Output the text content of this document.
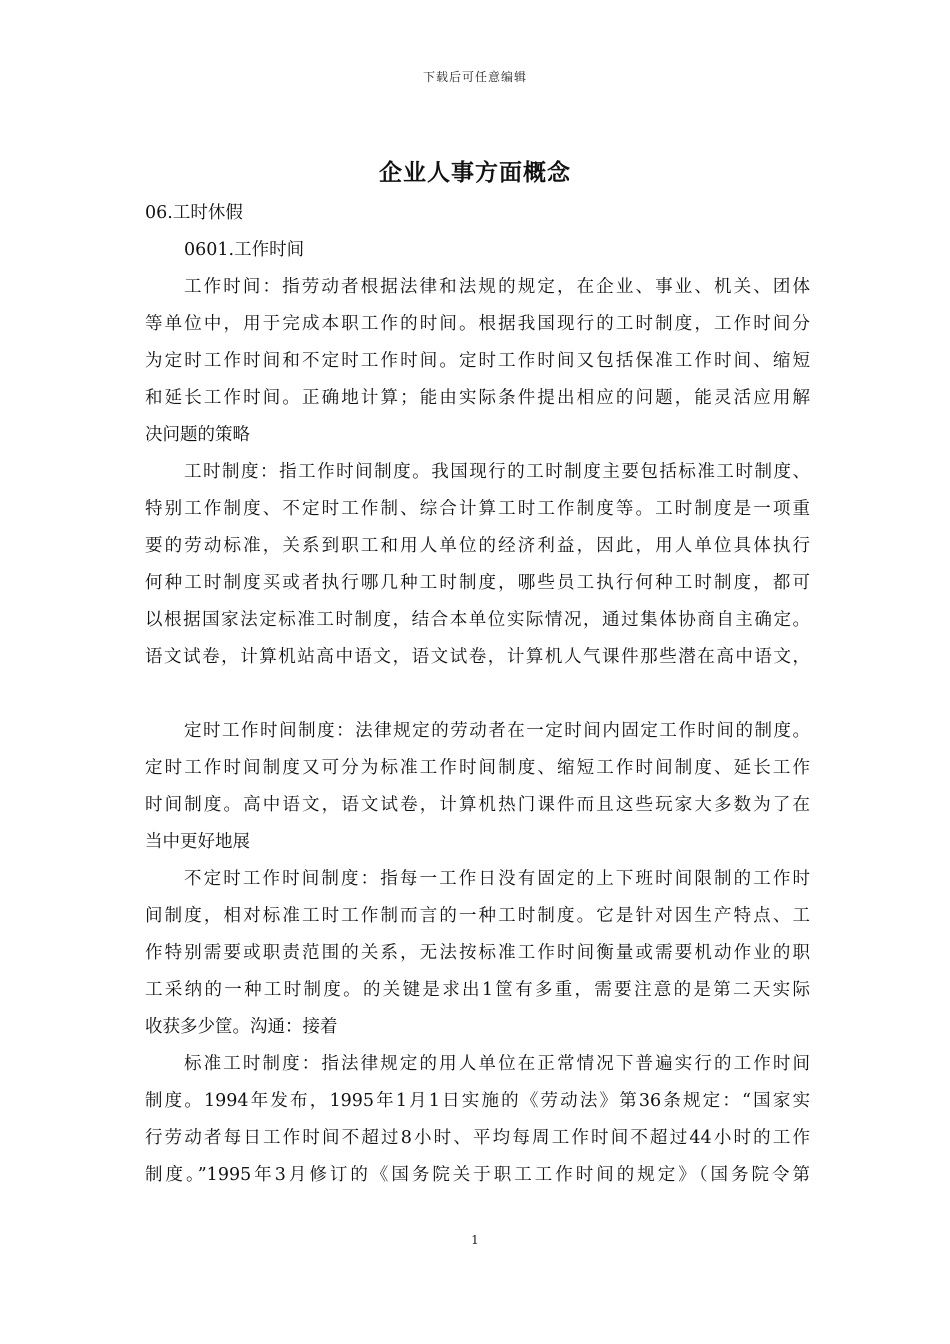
下载后可任意编辑
企业人事方面概念
06.工时休假
0601.工作时间
工作时间：指劳动者根据法律和法规的规定，在企业、事业、机关、团体
等单位中，用于完成本职工作的时间。根据我国现行的工时制度，工作时间分
为定时工作时间和不定时工作时间。定时工作时间又包括保准工作时间、缩短
和延长工作时间。正确地计算；能由实际条件提出相应的问题，能灵活应用解
决问题的策略
工时制度：指工作时间制度。我国现行的工时制度主要包括标准工时制度、
特别工作制度、不定时工作制、综合计算工时工作制度等。工时制度是一项重
要的劳动标准，关系到职工和用人单位的经济利益，因此，用人单位具体执行
何种工时制度买或者执行哪几种工时制度，哪些员工执行何种工时制度，都可
以根据国家法定标准工时制度，结合本单位实际情况，通过集体协商自主确定。
语文试卷，计算机站高中语文，语文试卷，计算机人气课件那些潜在高中语文，
定时工作时间制度：法律规定的劳动者在一定时间内固定工作时间的制度。
定时工作时间制度又可分为标准工作时间制度、缩短工作时间制度、延长工作
时间制度。高中语文，语文试卷，计算机热门课件而且这些玩家大多数为了在
当中更好地展
不定时工作时间制度：指每一工作日没有固定的上下班时间限制的工作时
间制度，相对标准工时工作制而言的一种工时制度。它是针对因生产特点、工
作特别需要或职责范围的关系，无法按标准工作时间衡量或需要机动作业的职
工采纳的一种工时制度。的关键是求出1筐有多重，需要注意的是第二天实际
收获多少筐。沟通：接着
标准工时制度：指法律规定的用人单位在正常情况下普遍实行的工作时间
制度。1994年发布，1995年1月1日实施的《劳动法》第36条规定：“国家实
行劳动者每日工作时间不超过8小时、平均每周工作时间不超过44小时的工作
制度。”1995年3月修订的《国务院关于职工工作时间的规定》（国务院令第
1
